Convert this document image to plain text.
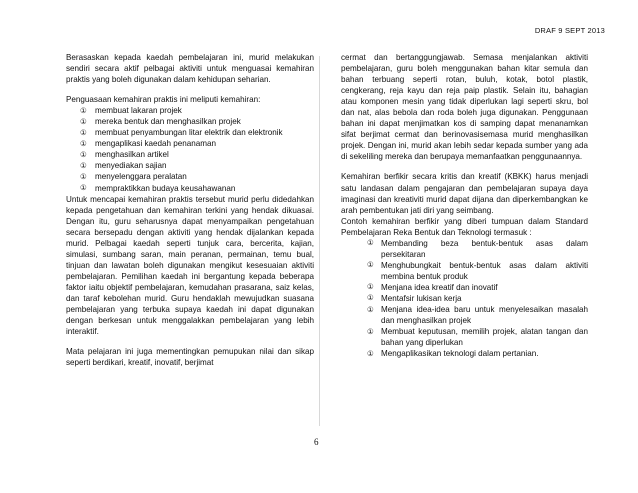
DRAF 9 SEPT 2013

Berasaskan kepada kaedah pembelajaran ini, murid melakukan sendiri secara aktif pelbagai aktiviti untuk menguasai kemahiran praktis yang boleh digunakan dalam kehidupan seharian.

Penguasaan kemahiran praktis ini meliputi kemahiran:

① membuat lakaran projek
① mereka bentuk dan menghasilkan projek
① membuat penyambungan litar elektrik dan elektronik
① mengaplikasi kaedah penanaman
① menghasilkan artikel
① menyediakan sajian
① menyelenggara peralatan
① mempraktikkan budaya keusahawanan

Untuk mencapai kemahiran praktis tersebut murid perlu didedahkan kepada pengetahuan dan kemahiran terkini yang hendak dikuasai. Dengan itu, guru seharusnya dapat menyampaikan pengetahuan secara bersepadu dengan aktiviti yang hendak dijalankan kepada murid. Pelbagai kaedah seperti tunjuk cara, bercerita, kajian, simulasi, sumbang saran, main peranan, permainan, temu bual, tinjuan dan lawatan boleh digunakan mengikut kesesuaian aktiviti pembelajaran. Pemilihan kaedah ini bergantung kepada beberapa faktor iaitu objektif pembelajaran, kemudahan prasarana, saiz kelas, dan taraf kebolehan murid. Guru hendaklah mewujudkan suasana pembelajaran yang terbuka supaya kaedah ini dapat digunakan dengan berkesan untuk menggalakkan pembelajaran yang lebih interaktif.

Mata pelajaran ini juga mementingkan pemupukan nilai dan sikap seperti berdikari, kreatif, inovatif, berjimat

cermat dan bertanggungjawab. Semasa menjalankan aktiviti pembelajaran, guru boleh menggunakan bahan kitar semula dan bahan terbuang seperti rotan, buluh, kotak, botol plastik, cengkerang, reja kayu dan reja paip plastik. Selain itu, bahagian atau komponen mesin yang tidak diperlukan lagi seperti skru, bol dan nat, alas bebola dan roda boleh juga digunakan. Penggunaan bahan ini dapat menjimatkan kos di samping dapat menanamkan sifat berjimat cermat dan berinovasisemasa murid menghasilkan projek. Dengan ini, murid akan lebih sedar kepada sumber yang ada di sekeliling mereka dan berupaya memanfaatkan penggunaannya.

Kemahiran berfikir secara kritis dan kreatif (KBKK) harus menjadi satu landasan dalam pengajaran dan pembelajaran supaya daya imaginasi dan kreativiti murid dapat dijana dan diperkembangkan ke arah pembentukan jati diri yang seimbang.

Contoh kemahiran berfikir yang diberi tumpuan dalam Standard Pembelajaran Reka Bentuk dan Teknologi termasuk :

① Membanding beza bentuk-bentuk asas dalam persekitaran
① Menghubungkait bentuk-bentuk asas dalam aktiviti membina bentuk produk
① Menjana idea kreatif dan inovatif
① Mentafsir lukisan kerja
① Menjana idea-idea baru untuk menyelesaikan masalah dan menghasilkan projek
① Membuat keputusan, memilih projek, alatan tangan dan bahan yang diperlukan
① Mengaplikasikan teknologi dalam pertanian.
6
